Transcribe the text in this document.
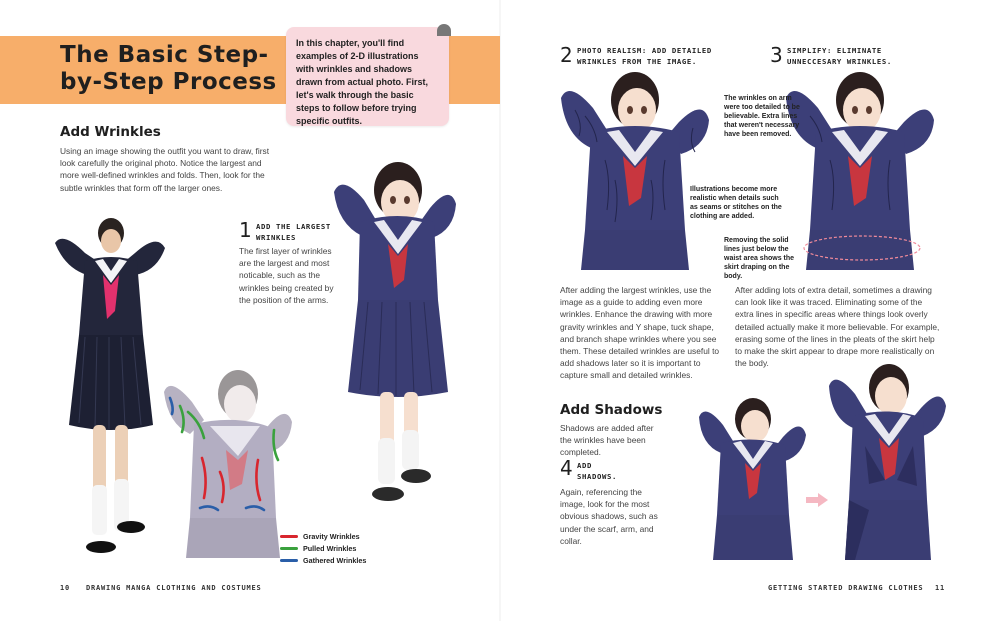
The Basic Step-
by-Step Process
In this chapter, you'll find examples of 2-D illustrations with wrinkles and shadows drawn from actual photo. First, let's walk through the basic steps to follow before trying specific outfits.
Add Wrinkles
Using an image showing the outfit you want to draw, first look carefully the original photo. Notice the largest and more well-defined wrinkles and folds. Then, look for the subtle wrinkles that form off the larger ones.
1 ADD THE LARGEST
WRINKLES
The first layer of wrinkles are the largest and most noticable, such as the wrinkles being created by the position of the arms.
Gravity Wrinkles
Pulled Wrinkles
Gathered Wrinkles
10 DRAWING MANGA CLOTHING AND COSTUMES
2 PHOTO REALISM: ADD DETAILED
WRINKLES FROM THE IMAGE.	3 SIMPLIFY: ELIMINATE
UNNECCESARY WRINKLES.
The wrinkles on arm were too detailed to be believable. Extra lines that weren't necessary have been removed.
Illustrations become more realistic when details such as seams or stitches on the clothing are added.
Removing the solid lines just below the waist area shows the skirt draping on the body.
After adding the largest wrinkles, use the image as a guide to adding even more wrinkles. Enhance the drawing with more gravity wrinkles and Y shape, tuck shape, and branch shape wrinkles where you see them. These detailed wrinkles are useful to add shadows later so it is important to capture small and detailed wrinkles.
After adding lots of extra detail, sometimes a drawing can look like it was traced. Eliminating some of the extra lines in specific areas where things look overly detailed actually make it more believable. For example, erasing some of the lines in the pleats of the skirt help to make the skirt appear to drape more realistically on the body.
Add Shadows
Shadows are added after the wrinkles have been completed.
4 ADD
SHADOWS.
Again, referencing the image, look for the most obvious shadows, such as under the scarf, arm, and collar.
GETTING STARTED DRAWING CLOTHES 11
